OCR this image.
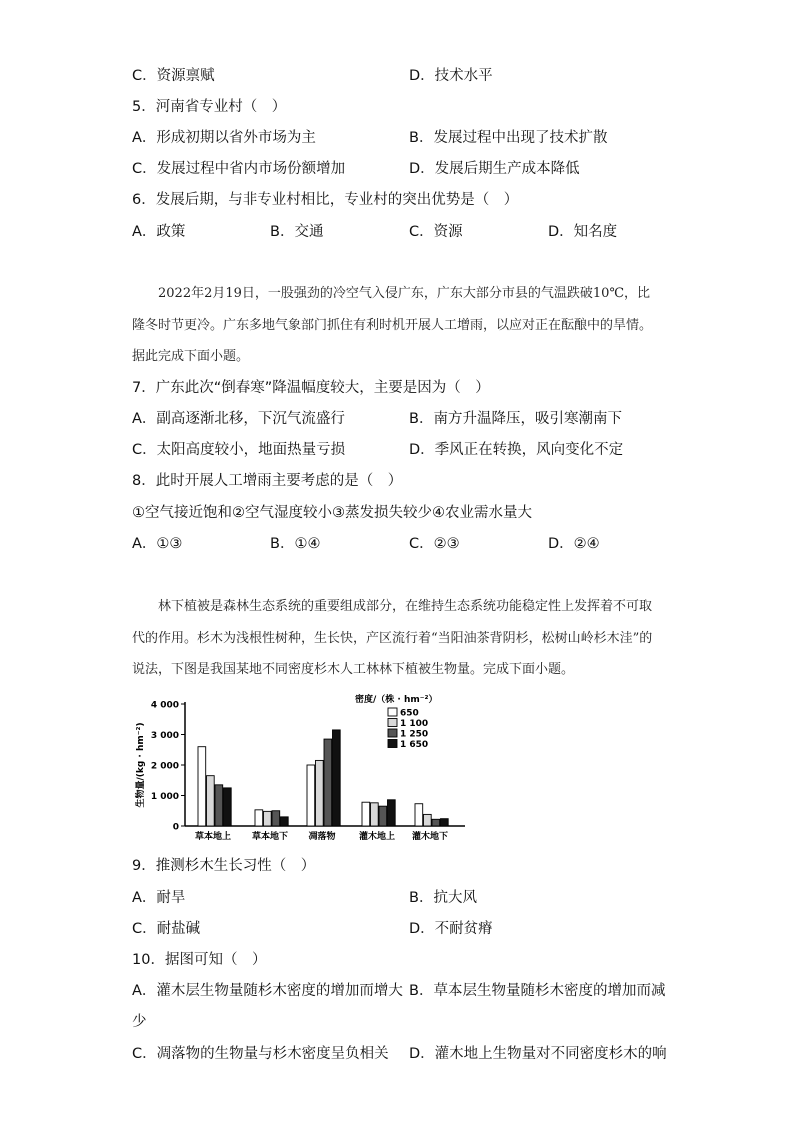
C．资源禀赋	D．技术水平
5．河南省专业村（　）
A．形成初期以省外市场为主	B．发展过程中出现了技术扩散
C．发展过程中省内市场份额增加	D．发展后期生产成本降低
6．发展后期，与非专业村相比，专业村的突出优势是（　）
A．政策	B．交通	C．资源	D．知名度
2022年2月19日，一股强劲的冷空气入侵广东，广东大部分市县的气温跌破10℃，比隆冬时节更冷。广东多地气象部门抓住有利时机开展人工增雨，以应对正在酝酿中的旱情。据此完成下面小题。
7．广东此次“倒春寒”降温幅度较大，主要是因为（　）
A．副高逐渐北移，下沉气流盛行	B．南方升温降压，吸引寒潮南下
C．太阳高度较小，地面热量亏损	D．季风正在转换，风向变化不定
8．此时开展人工增雨主要考虑的是（　）
①空气接近饱和②空气湿度较小③蒸发损失较少④农业需水量大
A．①③	B．①④	C．②③	D．②④
林下植被是森林生态系统的重要组成部分，在维持生态系统功能稳定性上发挥着不可取代的作用。杉木为浅根性树种，生长快，产区流行着“当阳油茶背阴杉，松树山岭杉木洼”的说法，下图是我国某地不同密度杉木人工林林下植被生物量。完成下面小题。
0
1 000
2 000
3 000
4 000
生物量/(kg · hm⁻²)
草本地上 草本地下 凋落物	灌木地上 灌木地下
密度/（株 · hm⁻²）
650
1 100
1 250
1 650
9．推测杉木生长习性（　）
A．耐旱	B．抗大风
C．耐盐碱	D．不耐贫瘠
10．据图可知（　）
A．灌木层生物量随杉木密度的增加而增大 B．草本层生物量随杉木密度的增加而减
少
C．凋落物的生物量与杉木密度呈负相关 D．灌木地上生物量对不同密度杉木的响
